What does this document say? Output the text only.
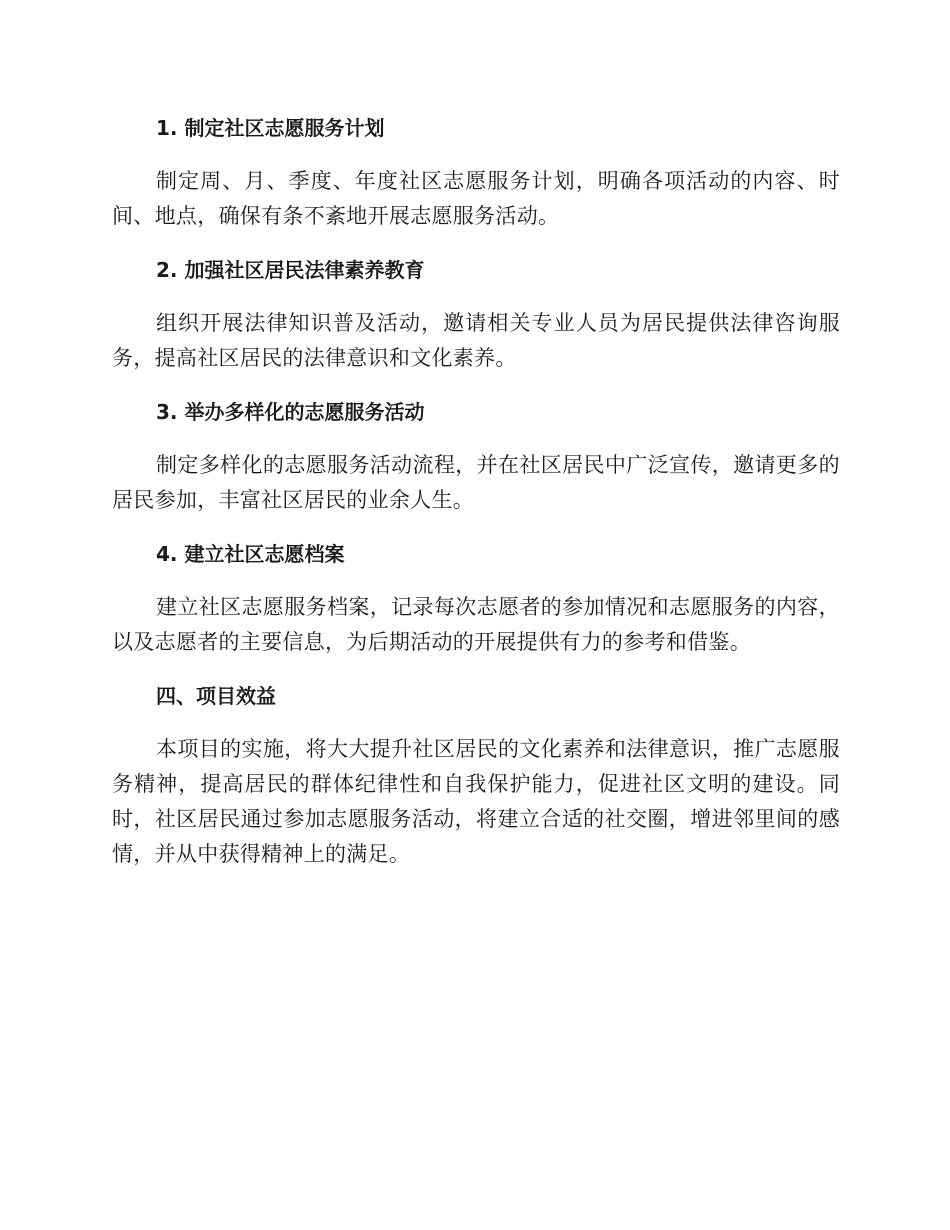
1. 制定社区志愿服务计划

制定周、月、季度、年度社区志愿服务计划，明确各项活动的内容、时间、地点，确保有条不紊地开展志愿服务活动。

2. 加强社区居民法律素养教育

组织开展法律知识普及活动，邀请相关专业人员为居民提供法律咨询服务，提高社区居民的法律意识和文化素养。

3. 举办多样化的志愿服务活动

制定多样化的志愿服务活动流程，并在社区居民中广泛宣传，邀请更多的居民参加，丰富社区居民的业余人生。

4. 建立社区志愿档案

建立社区志愿服务档案，记录每次志愿者的参加情况和志愿服务的内容，以及志愿者的主要信息，为后期活动的开展提供有力的参考和借鉴。

四、项目效益

本项目的实施，将大大提升社区居民的文化素养和法律意识，推广志愿服务精神，提高居民的群体纪律性和自我保护能力，促进社区文明的建设。同时，社区居民通过参加志愿服务活动，将建立合适的社交圈，增进邻里间的感情，并从中获得精神上的满足。
